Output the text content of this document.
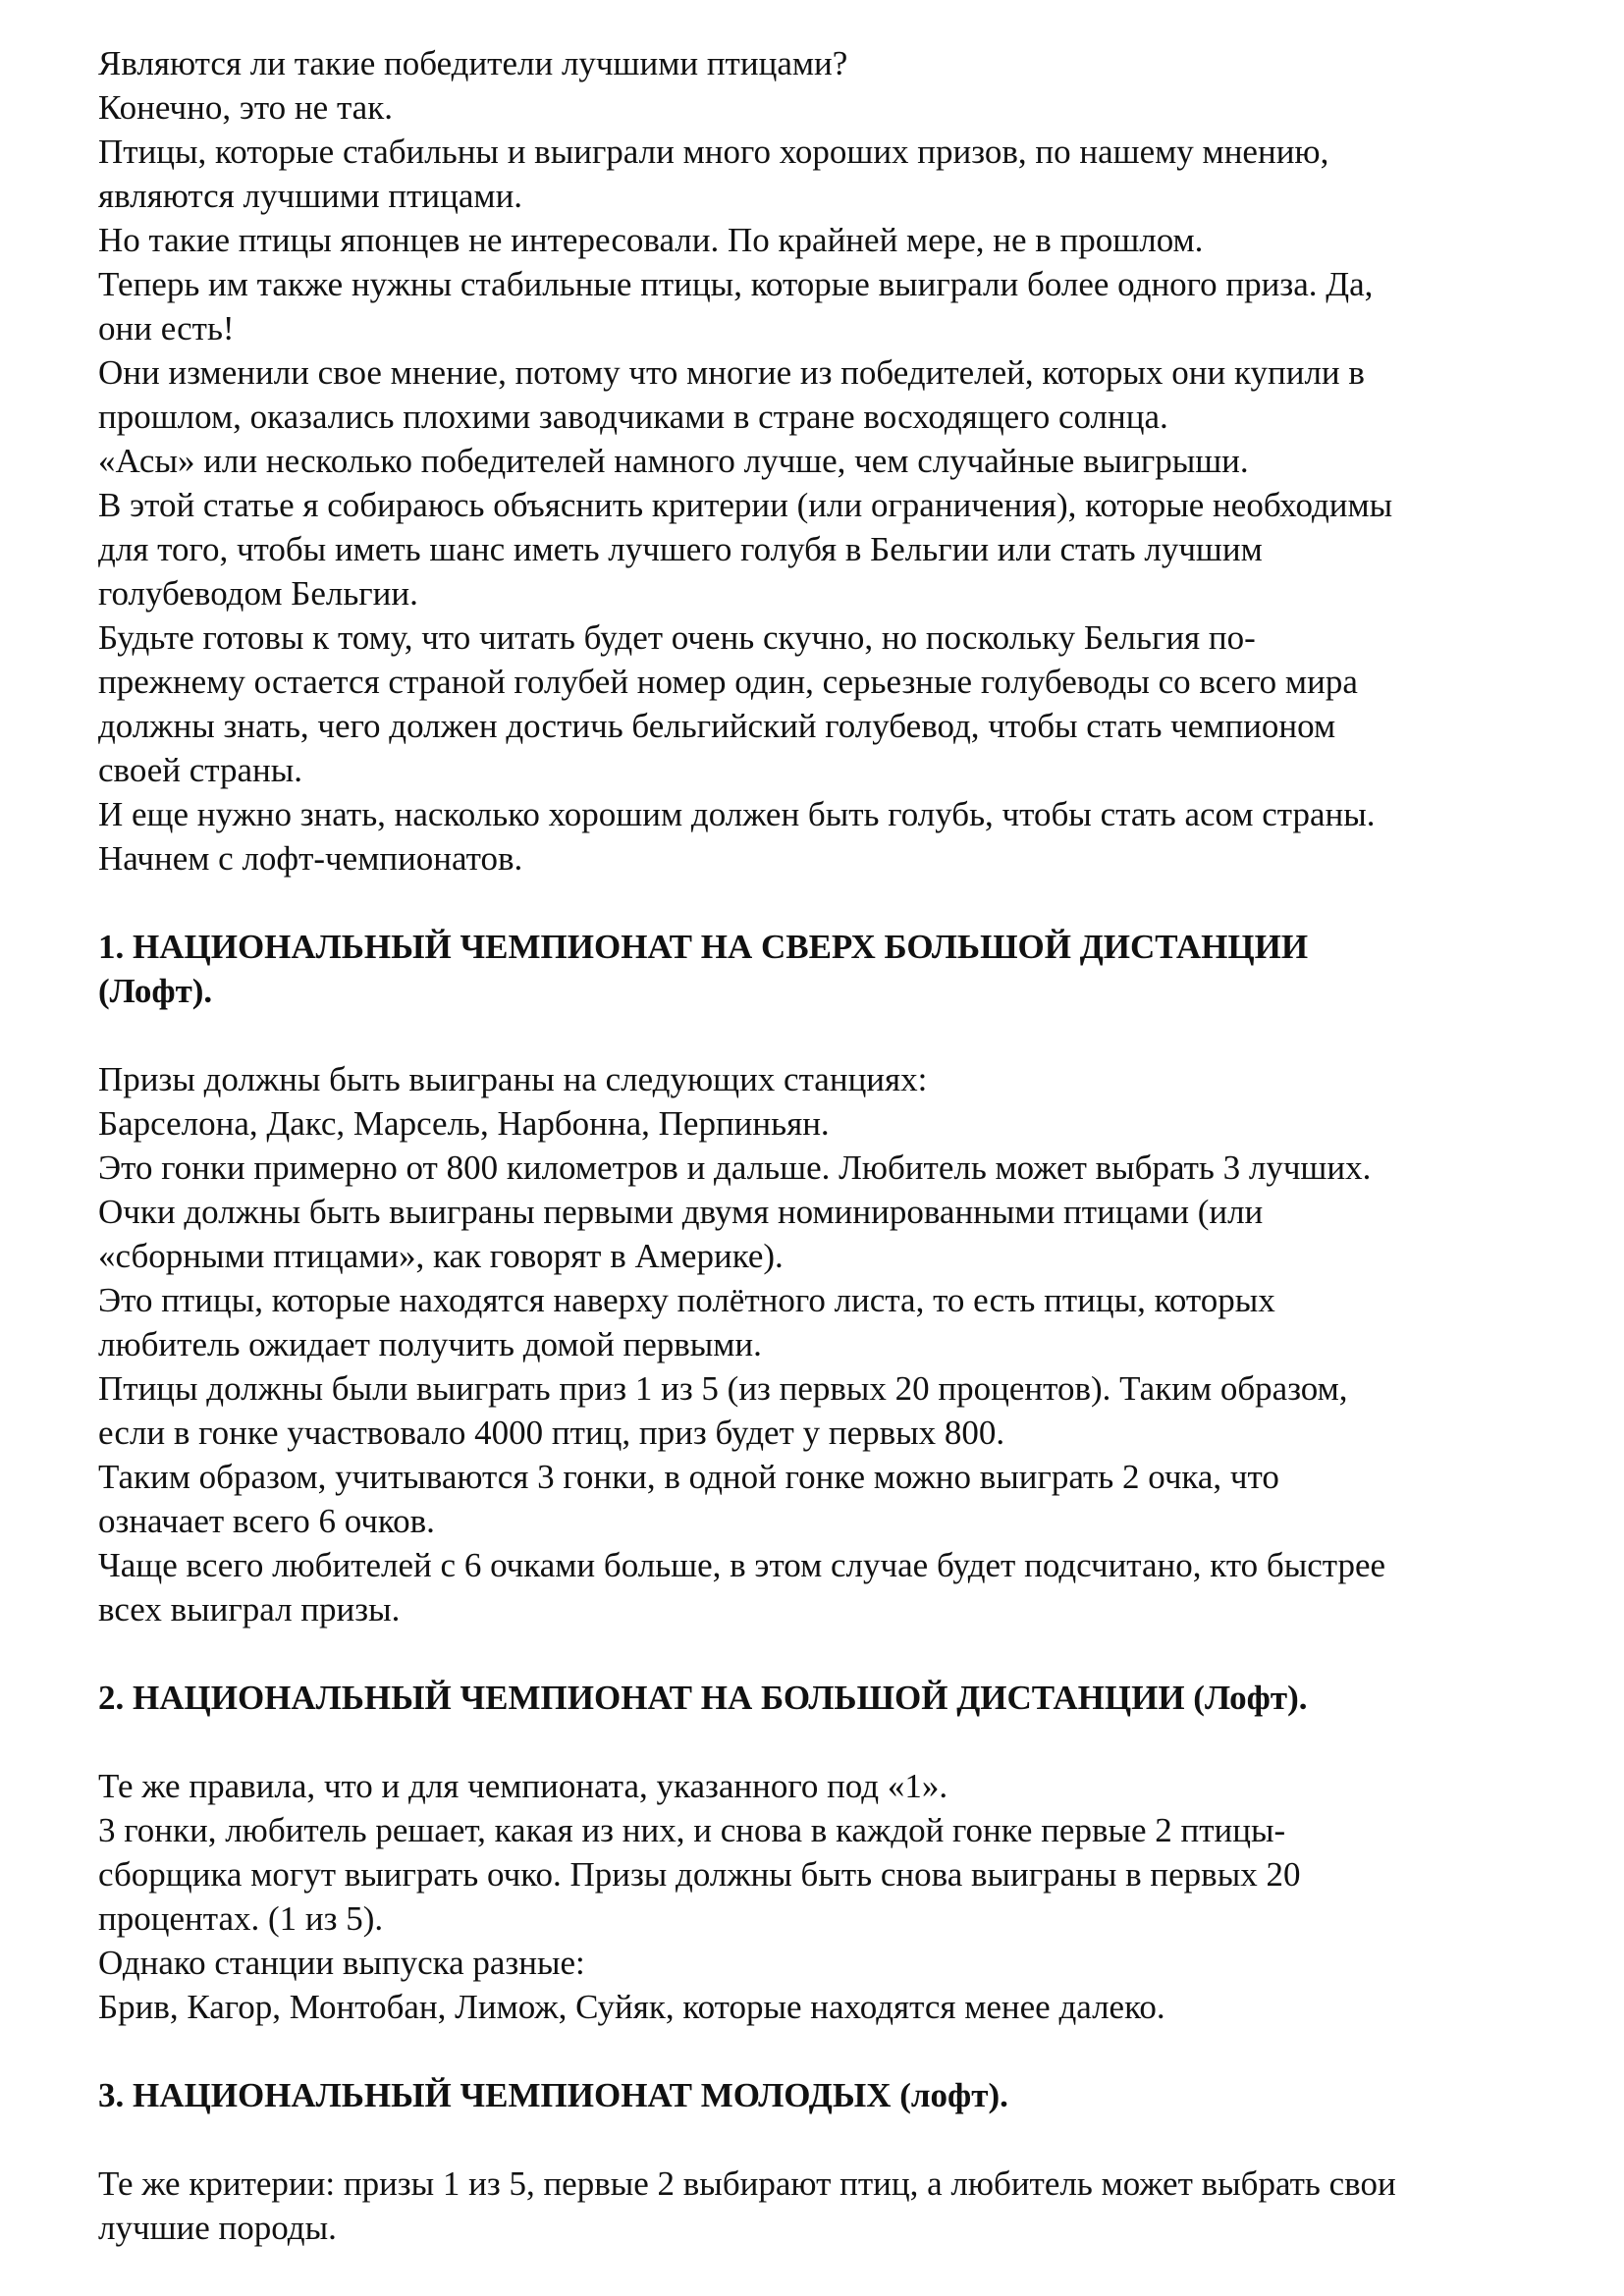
Являются ли такие победители лучшими птицами?
Конечно, это не так.
Птицы, которые стабильны и выиграли много хороших призов, по нашему мнению,
являются лучшими птицами.
Но такие птицы японцев не интересовали. По крайней мере, не в прошлом.
Теперь им также нужны стабильные птицы, которые выиграли более одного приза. Да,
они есть!
Они изменили свое мнение, потому что многие из победителей, которых они купили в
прошлом, оказались плохими заводчиками в стране восходящего солнца.
«Асы» или несколько победителей намного лучше, чем случайные выигрыши.
В этой статье я собираюсь объяснить критерии (или ограничения), которые необходимы
для того, чтобы иметь шанс иметь лучшего голубя в Бельгии или стать лучшим
голубеводом Бельгии.
Будьте готовы к тому, что читать будет очень скучно, но поскольку Бельгия по-
прежнему остается страной голубей номер один, серьезные голубеводы со всего мира
должны знать, чего должен достичь бельгийский голубевод, чтобы стать чемпионом
своей страны.
И еще нужно знать, насколько хорошим должен быть голубь, чтобы стать асом страны.
Начнем с лофт-чемпионатов.
1. НАЦИОНАЛЬНЫЙ ЧЕМПИОНАТ НА СВЕРХ БОЛЬШОЙ ДИСТАНЦИИ
(Лофт).
Призы должны быть выиграны на следующих станциях:
Барселона, Дакс, Марсель, Нарбонна, Перпиньян.
Это гонки примерно от 800 километров и дальше. Любитель может выбрать 3 лучших.
Очки должны быть выиграны первыми двумя номинированными птицами (или
«сборными птицами», как говорят в Америке).
Это птицы, которые находятся наверху полётного листа, то есть птицы, которых
любитель ожидает получить домой первыми.
Птицы должны были выиграть приз 1 из 5 (из первых 20 процентов). Таким образом,
если в гонке участвовало 4000 птиц, приз будет у первых 800.
Таким образом, учитываются 3 гонки, в одной гонке можно выиграть 2 очка, что
означает всего 6 очков.
Чаще всего любителей с 6 очками больше, в этом случае будет подсчитано, кто быстрее
всех выиграл призы.
2. НАЦИОНАЛЬНЫЙ ЧЕМПИОНАТ НА БОЛЬШОЙ ДИСТАНЦИИ (Лофт).
Те же правила, что и для чемпионата, указанного под «1».
3 гонки, любитель решает, какая из них, и снова в каждой гонке первые 2 птицы-
сборщика могут выиграть очко. Призы должны быть снова выиграны в первых 20
процентах. (1 из 5).
Однако станции выпуска разные:
Брив, Кагор, Монтобан, Лимож, Суйяк, которые находятся менее далеко.
3. НАЦИОНАЛЬНЫЙ ЧЕМПИОНАТ МОЛОДЫХ (лофт).
Те же критерии: призы 1 из 5, первые 2 выбирают птиц, а любитель может выбрать свои
лучшие породы.
